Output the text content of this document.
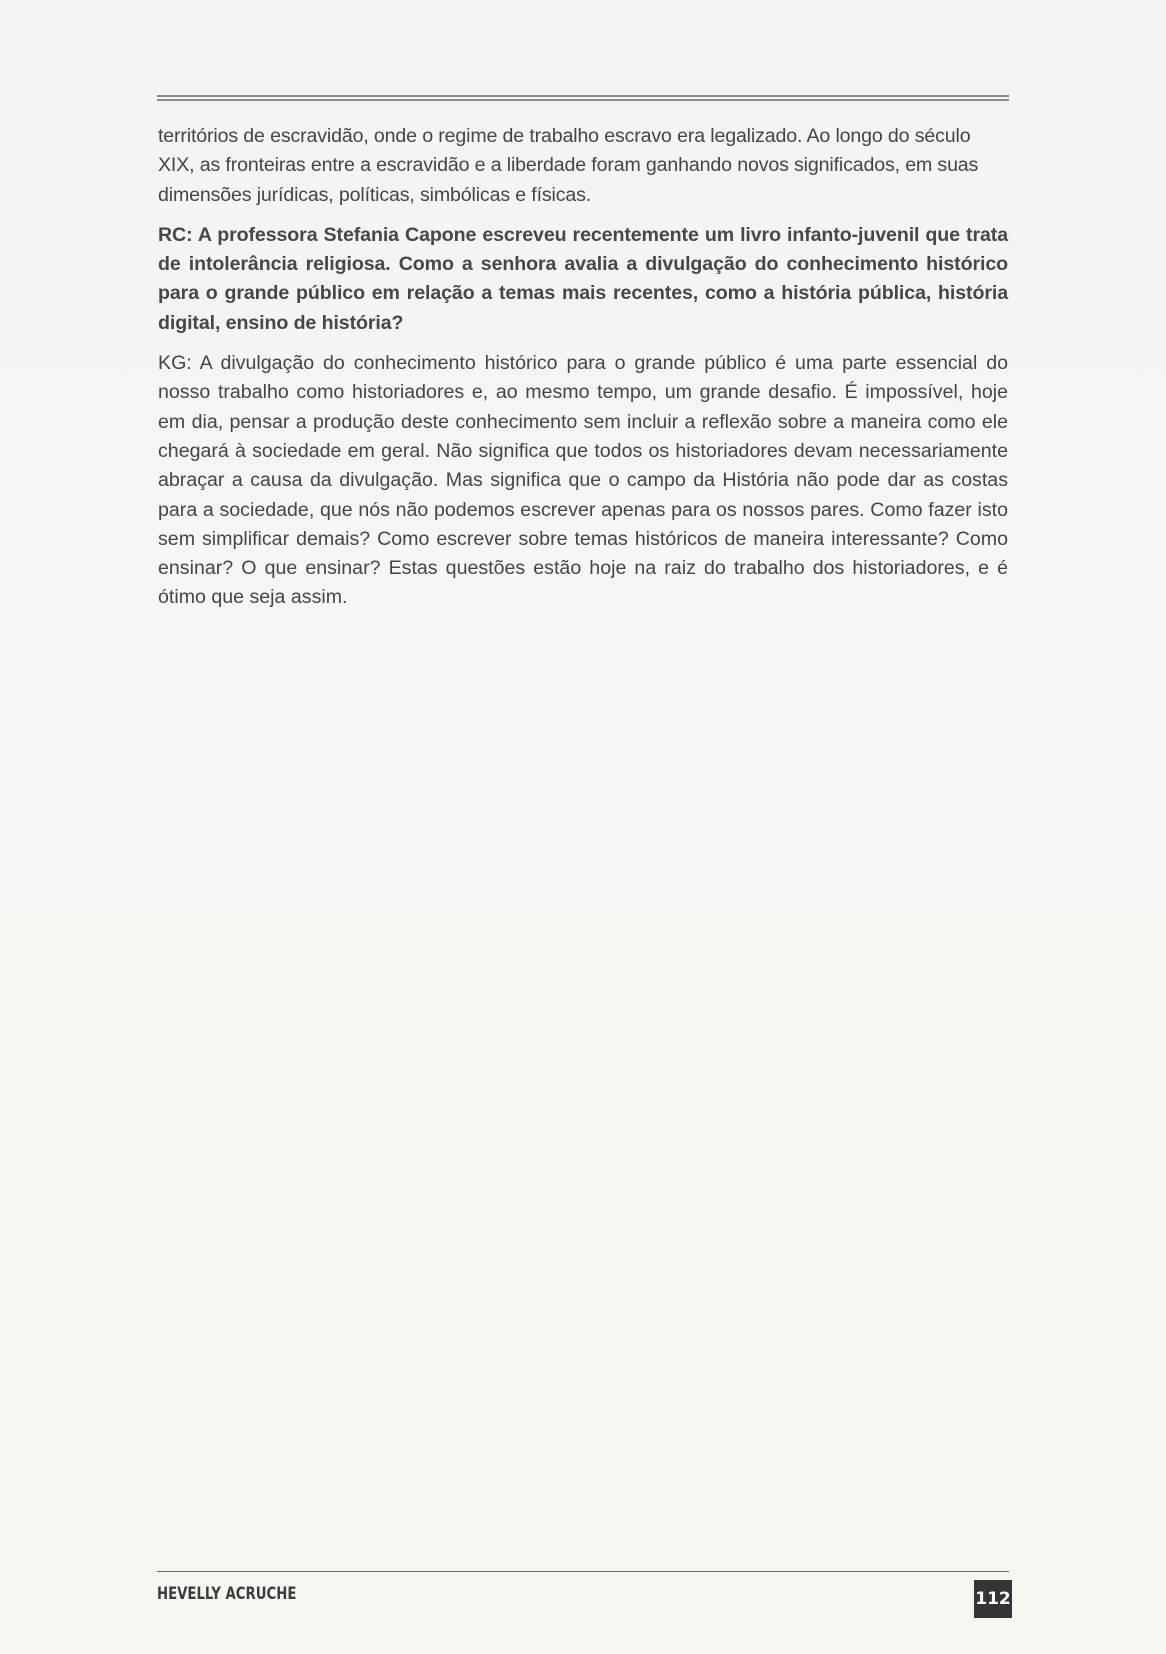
territórios de escravidão, onde o regime de trabalho escravo era legalizado. Ao longo do século XIX, as fronteiras entre a escravidão e a liberdade foram ganhando novos significados, em suas dimensões jurídicas, políticas, simbólicas e físicas.

RC: A professora Stefania Capone escreveu recentemente um livro infanto-juvenil que trata de intolerância religiosa. Como a senhora avalia a divulgação do conhecimento histórico para o grande público em relação a temas mais recentes, como a história pública, história digital, ensino de história?

KG: A divulgação do conhecimento histórico para o grande público é uma parte essencial do nosso trabalho como historiadores e, ao mesmo tempo, um grande desafio. É impossível, hoje em dia, pensar a produção deste conhecimento sem incluir a reflexão sobre a maneira como ele chegará à sociedade em geral. Não significa que todos os historiadores devam necessariamente abraçar a causa da divulgação. Mas significa que o campo da História não pode dar as costas para a sociedade, que nós não podemos escrever apenas para os nossos pares. Como fazer isto sem simplificar demais? Como escrever sobre temas históricos de maneira interessante? Como ensinar? O que ensinar? Estas questões estão hoje na raiz do trabalho dos historiadores, e é ótimo que seja assim.

HEVELLY ACRUCHE	112
